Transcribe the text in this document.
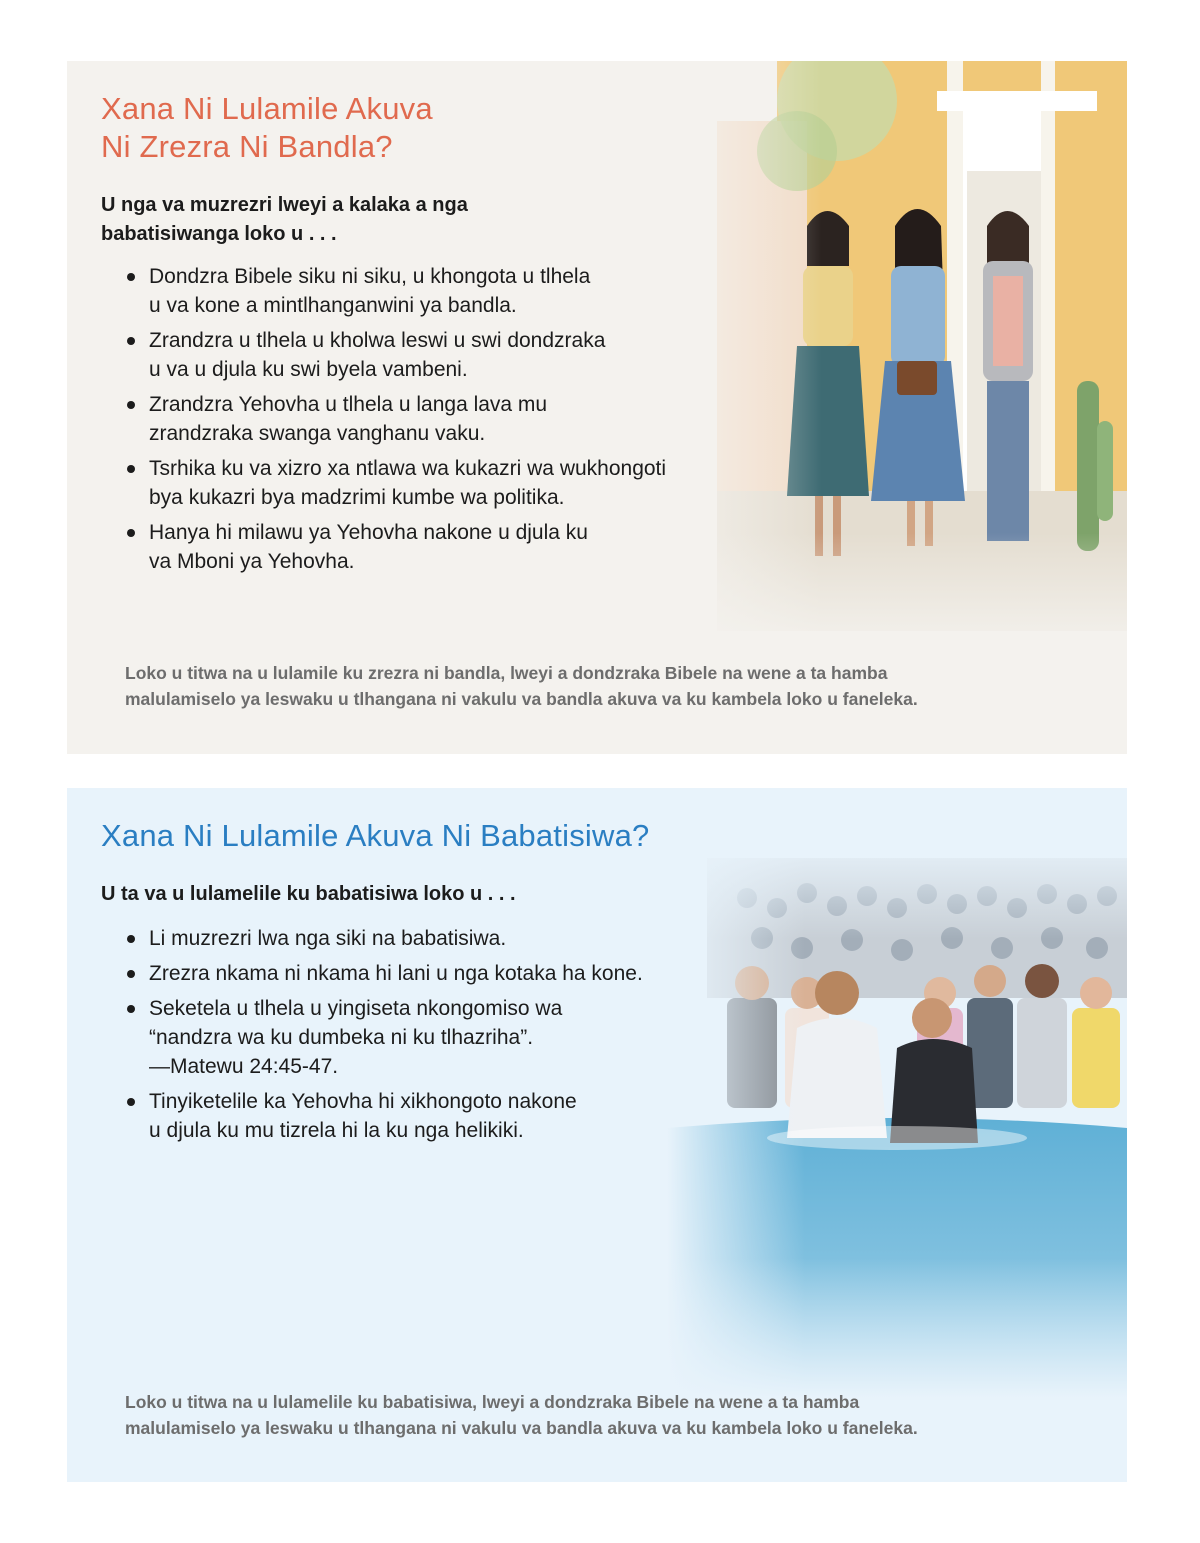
Xana Ni Lulamile Akuva
Ni Zrezra Ni Bandla?

U nga va muzrezri lweyi a kalaka a nga
babatisiwanga loko u . . .

Dondzra Bibele siku ni siku, u khongota u tlhela
u va kone a mintlhanganwini ya bandla.
Zrandzra u tlhela u kholwa leswi u swi dondzraka
u va u djula ku swi byela vambeni.
Zrandzra Yehovha u tlhela u langa lava mu
zrandzraka swanga vanghanu vaku.
Tsrhika ku va xizro xa ntlawa wa kukazri wa wukhongoti
bya kukazri bya madzrimi kumbe wa politika.
Hanya hi milawu ya Yehovha nakone u djula ku
va Mboni ya Yehovha.

Loko u titwa na u lulamile ku zrezra ni bandla, lweyi a dondzraka Bibele na wene a ta hamba
malulamiselo ya leswaku u tlhangana ni vakulu va bandla akuva va ku kambela loko u faneleka.

Xana Ni Lulamile Akuva Ni Babatisiwa?

U ta va u lulamelile ku babatisiwa loko u . . .

Li muzrezri lwa nga siki na babatisiwa.
Zrezra nkama ni nkama hi lani u nga kotaka ha kone.
Seketela u tlhela u yingiseta nkongomiso wa
“nandzra wa ku dumbeka ni ku tlhazriha”.
—Matewu 24:45-47.
Tinyiketelile ka Yehovha hi xikhongoto nakone
u djula ku mu tizrela hi la ku nga helikiki.

Loko u titwa na u lulamelile ku babatisiwa, lweyi a dondzraka Bibele na wene a ta hamba
malulamiselo ya leswaku u tlhangana ni vakulu va bandla akuva va ku kambela loko u faneleka.
